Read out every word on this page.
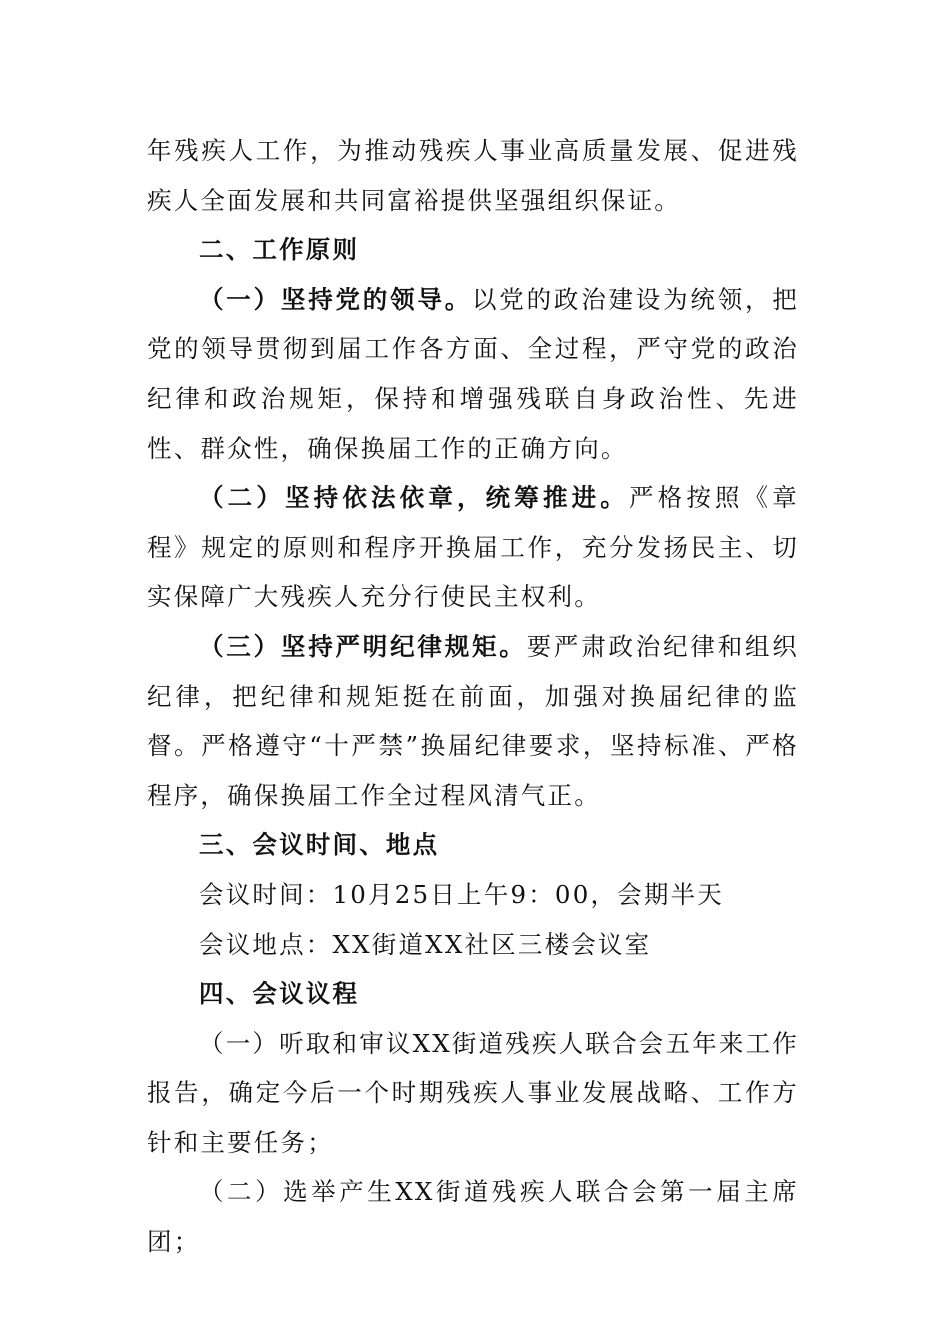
年残疾人工作，为推动残疾人事业高质量发展、促进残疾人全面发展和共同富裕提供坚强组织保证。

二、工作原则

（一）坚持党的领导。以党的政治建设为统领，把党的领导贯彻到届工作各方面、全过程，严守党的政治纪律和政治规矩，保持和增强残联自身政治性、先进性、群众性，确保换届工作的正确方向。

（二）坚持依法依章，统筹推进。严格按照《章程》规定的原则和程序开换届工作，充分发扬民主、切实保障广大残疾人充分行使民主权利。

（三）坚持严明纪律规矩。要严肃政治纪律和组织纪律，把纪律和规矩挺在前面，加强对换届纪律的监督。严格遵守“十严禁”换届纪律要求，坚持标准、严格程序，确保换届工作全过程风清气正。

三、会议时间、地点

会议时间：10月25日上午9：00，会期半天

会议地点：XX街道XX社区三楼会议室

四、会议议程

（一）听取和审议XX街道残疾人联合会五年来工作报告，确定今后一个时期残疾人事业发展战略、工作方针和主要任务；

（二）选举产生XX街道残疾人联合会第一届主席团；
